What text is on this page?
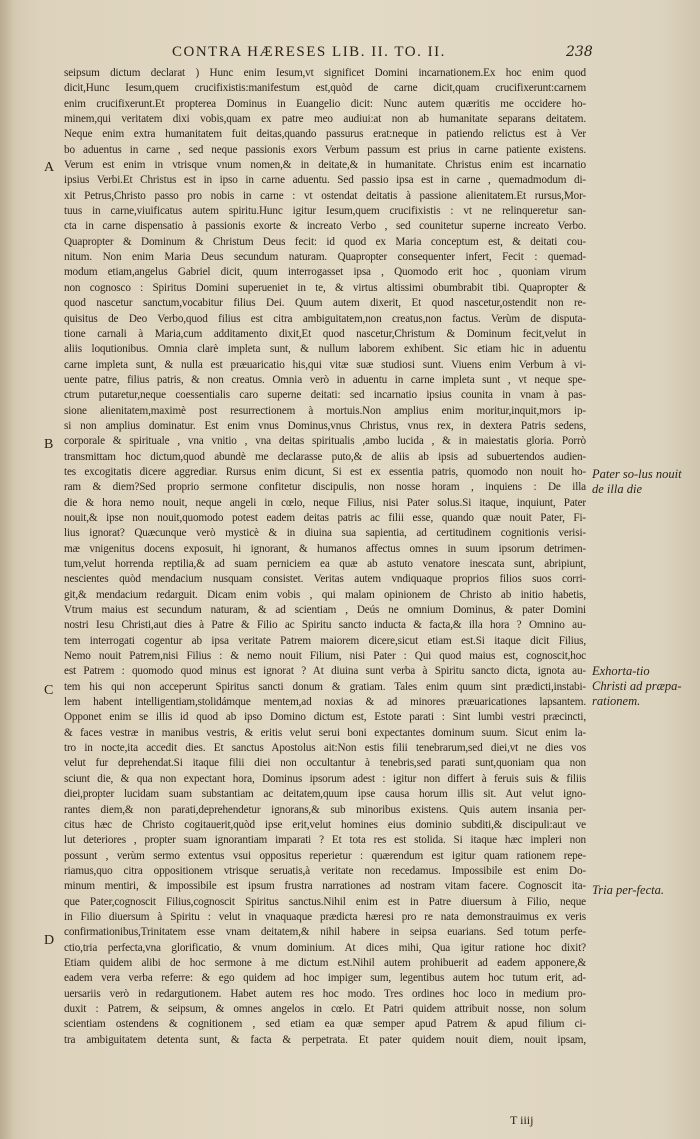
CONTRA HÆRESES LIB. II. TO. II.	238
seipsum dictum declarat ) Hunc enim Iesum,vt significet Domini incarnationem.Ex hoc enim quod
dicit,Hunc Iesum,quem crucifixistis:manifestum est,quòd de carne dicit,quam crucifixerunt:carnem
enim crucifixerunt.Et propterea Dominus in Euangelio dicit: Nunc autem quæritis me occidere ho-
minem,qui veritatem dixi vobis,quam ex patre meo audiui:at non ab humanitate separans deitatem.
Neque enim extra humanitatem fuit deitas,quando passurus erat:neque in patiendo relictus est à Ver
bo aduentus in carne , sed neque passionis exors Verbum passum est prius in carne patiente existens.
Verum est enim in vtrisque vnum nomen,& in deitate,& in humanitate. Christus enim est incarnatio
ipsius Verbi.Et Christus est in ipso in carne aduentu. Sed passio ipsa est in carne , quemadmodum di-
xit Petrus,Christo passo pro nobis in carne : vt ostendat deitatis à passione alienitatem.Et rursus,Mor-
tuus in carne,viuificatus autem spiritu.Hunc igitur Iesum,quem crucifixistis : vt ne relinqueretur san-
cta in carne dispensatio à passionis exorte & increato Verbo , sed counitetur superne increato Verbo.
Quapropter & Dominum & Christum Deus fecit: id quod ex Maria conceptum est, & deitati cou-
nitum. Non enim Maria Deus secundum naturam. Quapropter consequenter infert, Fecit : quemad-
modum etiam,angelus Gabriel dicit, quum interrogasset ipsa , Quomodo erit hoc , quoniam virum
non cognosco : Spiritus Domini superueniet in te, & virtus altissimi obumbrabit tibi. Quapropter &
quod nascetur sanctum,vocabitur filius Dei. Quum autem dixerit, Et quod nascetur,ostendit non re-
quisitus de Deo Verbo,quod filius est citra ambiguitatem,non creatus,non factus. Verùm de disputa-
tione carnali à Maria,cum additamento dixit,Et quod nascetur,Christum & Dominum fecit,velut in
aliis loqutionibus. Omnia clarè impleta sunt, & nullum laborem exhibent. Sic etiam hic in aduentu
carne impleta sunt, & nulla est præuaricatio his,qui vitæ suæ studiosi sunt. Viuens enim Verbum à vi-
uente patre, filius patris, & non creatus. Omnia verò in aduentu in carne impleta sunt , vt neque spe-
ctrum putaretur,neque coessentialis caro superne deitati: sed incarnatio ipsius counita in vnam à pas-
sione alienitatem,maximè post resurrectionem à mortuis.Non amplius enim moritur,inquit,mors ip-
si non amplius dominatur. Est enim vnus Dominus,vnus Christus, vnus rex, in dextera Patris sedens,
corporale & spirituale , vna vnitio , vna deitas spiritualis ,ambo lucida , & in maiestatis gloria. Porrò
transmittam hoc dictum,quod abundè me declarasse puto,& de aliis ab ipsis ad subuertendos audien-
tes excogitatis dicere aggrediar. Rursus enim dicunt, Si est ex essentia patris, quomodo non nouit ho-
ram & diem?Sed proprio sermone confitetur discipulis, non nosse horam , inquiens : De illa
die & hora nemo nouit, neque angeli in cœlo, neque Filius, nisi Pater solus.Si itaque, inquiunt, Pater
nouit,& ipse non nouit,quomodo potest eadem deitas patris ac filii esse, quando quæ nouit Pater, Fi-
lius ignorat? Quæcunque verò mysticè & in diuina sua sapientia, ad certitudinem cognitionis verisi-
mæ vnigenitus docens exposuit, hi ignorant, & humanos affectus omnes in suum ipsorum detrimen-
tum,velut horrenda reptilia,& ad suam perniciem ea quæ ab astuto venatore inescata sunt, abripiunt,
nescientes quòd mendacium nusquam consistet. Veritas autem vndiquaque proprios filios suos corri-
git,& mendacium redarguit. Dicam enim vobis , qui malam opinionem de Christo ab initio habetis,
Vtrum maius est secundum naturam, & ad scientiam , Deús ne omnium Dominus, & pater Domini
nostri Iesu Christi,aut dies à Patre & Filio ac Spiritu sancto inducta & facta,& illa hora ? Omnino au-
tem interrogati cogentur ab ipsa veritate Patrem maiorem dicere,sicut etiam est.Si itaque dicit Filius,
Nemo nouit Patrem,nisi Filius : & nemo nouit Filium, nisi Pater : Qui quod maius est, cognoscit,hoc
est Patrem : quomodo quod minus est ignorat ? At diuina sunt verba à Spiritu sancto dicta, ignota au-
tem his qui non acceperunt Spiritus sancti donum & gratiam. Tales enim quum sint prædicti,instabi-
lem habent intelligentiam,stolidámque mentem,ad noxias & ad minores præuaricationes lapsantem.
Opponet enim se illis id quod ab ipso Domino dictum est, Estote parati : Sint lumbi vestri præcincti,
& faces vestræ in manibus vestris, & eritis velut serui boni expectantes dominum suum. Sicut enim la-
tro in nocte,ita accedit dies. Et sanctus Apostolus ait:Non estis filii tenebrarum,sed diei,vt ne dies vos
velut fur deprehendat.Si itaque filii diei non occultantur à tenebris,sed parati sunt,quoniam qua non
sciunt die, & qua non expectant hora, Dominus ipsorum adest : igitur non differt à feruis suis & filiis
diei,propter lucidam suam substantiam ac deitatem,quum ipse causa horum illis sit. Aut velut igno-
rantes diem,& non parati,deprehendetur ignorans,& sub minoribus existens. Quis autem insania per-
citus hæc de Christo cogitauerit,quòd ipse erit,velut homines eius dominio subditi,& discipuli:aut ve
lut deteriores , propter suam ignorantiam imparati ? Et tota res est stolida. Si itaque hæc impleri non
possunt , verùm sermo extentus vsui oppositus reperietur : quærendum est igitur quam rationem repe-
riamus,quo citra oppositionem vtrisque seruatis,à veritate non recedamus. Impossibile est enim Do-
minum mentiri, & impossibile est ipsum frustra narrationes ad nostram vitam facere. Cognoscit ita-
que Pater,cognoscit Filius,cognoscit Spiritus sanctus.Nihil enim est in Patre diuersum à Filio, neque
in Filio diuersum à Spiritu : velut in vnaquaque prædicta hæresi pro re nata demonstrauimus ex veris
confirmationibus,Trinitatem esse vnam deitatem,& nihil habere in seipsa euarians. Sed totum perfe-
ctio,tria perfecta,vna glorificatio, & vnum dominium. At dices mihi, Qua igitur ratione hoc dixit?
Etiam quidem alibi de hoc sermone à me dictum est.Nihil autem prohibuerit ad eadem apponere,&
eadem vera verba referre: & ego quidem ad hoc impiger sum, legentibus autem hoc tutum erit, ad-
uersariis verò in redargutionem. Habet autem res hoc modo. Tres ordines hoc loco in medium pro-
duxit : Patrem, & seipsum, & omnes angelos in cœlo. Et Patri quidem attribuit nosse, non solum
scientiam ostendens & cognitionem , sed etiam ea quæ semper apud Patrem & apud filium ci-
tra ambiguitatem detenta sunt, & facta & perpetrata. Et pater quidem nouit diem, nouit ipsam,
A
B
C
D
Pater so-lus nouit de illa die
Exhorta-tio Christi ad præpa-rationem.
Tria per-fecta.
T iiij
